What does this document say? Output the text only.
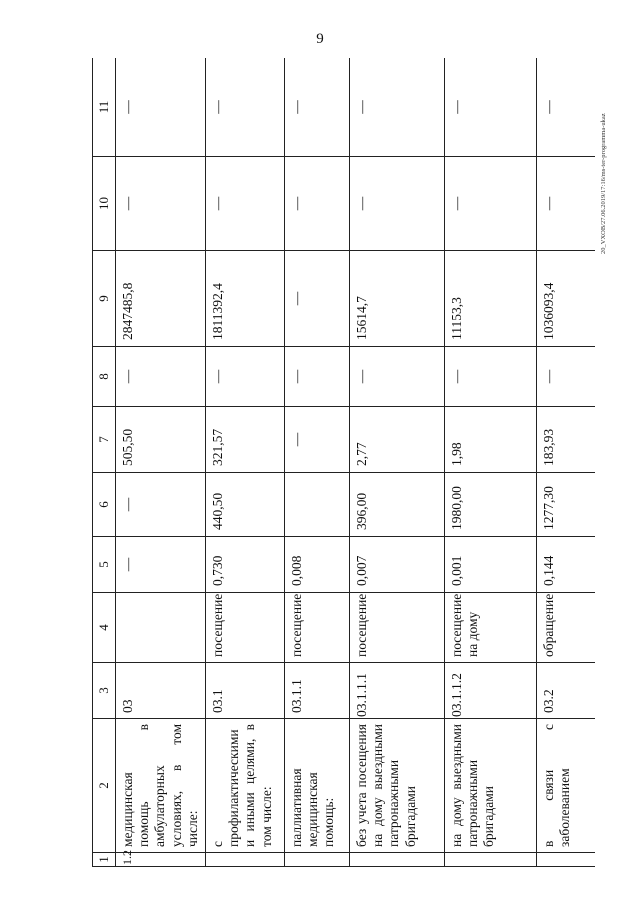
9
20_VXOB/27.06.2019/17:16/ms-ter-programma-ukaz
1	2	3	4	5	6	7	8	9	10	11

1.2	медицинская помощь в амбулаторных условиях, в том числе:	03		—	—	505,50	—	2847485,8	—	—

	с профилактическими и иными целями, в том числе:	03.1	посещение	0,730	440,50	321,57	—	1811392,4	—	—

	паллиативная медицинская помощь:	03.1.1	посещение	0,008		—	—	—	—	—

	без учета посещения на дому выездными патронажными бригадами	03.1.1.1	посещение	0,007	396,00	2,77	—	15614,7	—	—

	на дому выездными патронажными бригадами	03.1.1.2	посещение на дому	0,001	1980,00	1,98	—	11153,3	—	—

	в связи с заболеванием	03.2	обращение	0,144	1277,30	183,93	—	1036093,4	—	—
